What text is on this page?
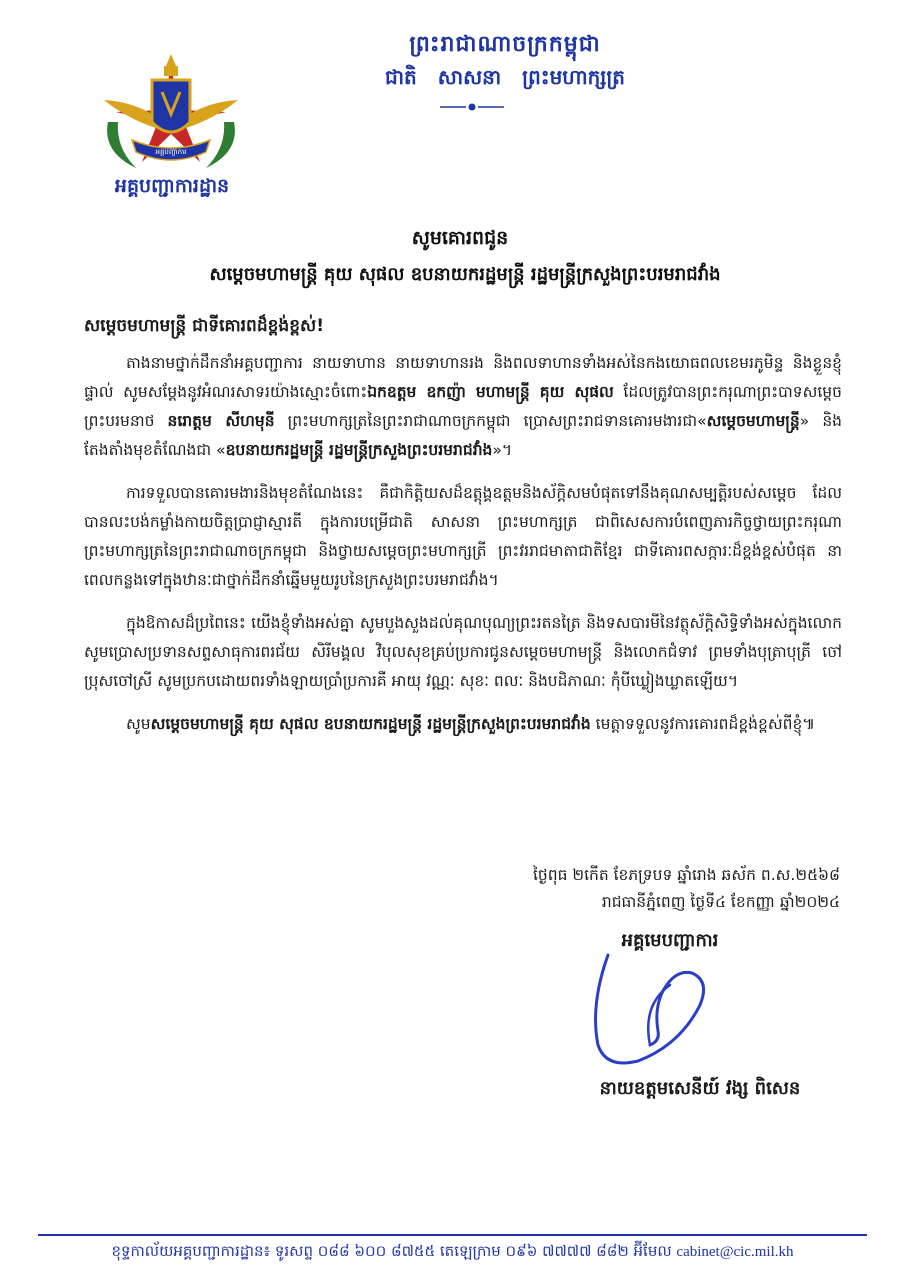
អគ្គបញ្ជាការ
អគ្គបញ្ជាការដ្ឋាន
ព្រះរាជាណាចក្រកម្ពុជា
ជាតិ សាសនា ព្រះមហាក្សត្រ
សូមគោរពជូន
សម្តេចមហាមន្ត្រី គុយ សុផល ឧបនាយករដ្ឋមន្ត្រី រដ្ឋមន្ត្រីក្រសួងព្រះបរមរាជវាំង
សម្តេចមហាមន្ត្រី ជាទីគោរពដ៏ខ្ពង់ខ្ពស់!

តាងនាមថ្នាក់ដឹកនាំអគ្គបញ្ជាការ នាយទាហាន នាយទាហានរង និងពលទាហានទាំងអស់នៃកងយោធពលខេមរភូមិន្ទ និងខ្លួនខ្ញុំផ្ទាល់ សូមសម្តែងនូវអំណរសាទរយ៉ាងស្មោះចំពោះឯកឧត្តម ឧកញ៉ា មហាមន្ត្រី គុយ សុផល ដែលត្រូវបានព្រះករុណាព្រះបាទសម្តេចព្រះបរមនាថ នរោត្តម សីហមុនី ព្រះមហាក្សត្រនៃព្រះរាជាណាចក្រកម្ពុជា ប្រោសព្រះរាជទានគោរមងារជា«សម្តេចមហាមន្ត្រី» និងតែងតាំងមុខតំណែងជា «ឧបនាយករដ្ឋមន្ត្រី រដ្ឋមន្ត្រីក្រសួងព្រះបរមរាជវាំង»។

ការទទួលបានគោរមងារនិងមុខតំណែងនេះ គឺជាកិត្តិយសដ៏ឧត្តុង្គឧត្តមនិងស័ក្តិសមបំផុតទៅនឹងគុណសម្បត្តិរបស់សម្តេច ដែលបានលះបង់កម្លាំងកាយចិត្តប្រាជ្ញាស្មារតី ក្នុងការបម្រើជាតិ សាសនា ព្រះមហាក្សត្រ ជាពិសេសការបំពេញភារកិច្ចថ្វាយព្រះករុណាព្រះមហាក្សត្រនៃព្រះរាជាណាចក្រកម្ពុជា និងថ្វាយសម្តេចព្រះមហាក្សត្រី ព្រះវររាជមាតាជាតិខ្មែរ ជាទីគោរពសក្ការៈដ៏ខ្ពង់ខ្ពស់បំផុត នាពេលកន្លងទៅក្នុងឋានៈជាថ្នាក់ដឹកនាំឆ្នើមមួយរូបនៃក្រសួងព្រះបរមរាជវាំង។

ក្នុងឱកាសដ៏ប្រពៃនេះ យើងខ្ញុំទាំងអស់គ្នា សូមបួងសួងដល់គុណបុណ្យព្រះរតនត្រៃ និងទសបារមីនៃវត្ថុស័ក្តិសិទ្ធិទាំងអស់ក្នុងលោក សូមប្រោសប្រទានសព្ទសាធុការពរជ័យ សិរីមង្គល វិបុលសុខគ្រប់ប្រការជូនសម្តេចមហាមន្ត្រី និងលោកជំទាវ ព្រមទាំងបុត្រាបុត្រី ចៅប្រុសចៅស្រី សូមប្រកបដោយពរទាំងឡាយប្រាំប្រការគឺ អាយុ វណ្ណៈ សុខៈ ពលៈ និងបដិភាណៈ កុំបីឃ្លៀងឃ្លាតឡើយ។

សូមសម្តេចមហាមន្ត្រី គុយ សុផល ឧបនាយករដ្ឋមន្ត្រី រដ្ឋមន្ត្រីក្រសួងព្រះបរមរាជវាំង មេត្តាទទួលនូវការគោរពដ៏ខ្ពង់ខ្ពស់ពីខ្ញុំ៕

ថ្ងៃពុធ ២កើត ខែភទ្របទ ឆ្នាំរោង ឆស័ក ព.ស.២៥៦៨
រាជធានីភ្នំពេញ ថ្ងៃទី៤ ខែកញ្ញា ឆ្នាំ២០២៤
អគ្គមេបញ្ជាការ
នាយឧត្តមសេនីយ៍ វង្ស ពិសេន
ខុទ្ទកាល័យអគ្គបញ្ជាការដ្ឋាន៖ ទូរសព្ទ ០៨៨ ៦០០ ៨៧៥៥ តេឡេក្រាម ០៩៦ ៧៧៧៧ ៨៨២ អ៊ីមែល cabinet@cic.mil.kh
